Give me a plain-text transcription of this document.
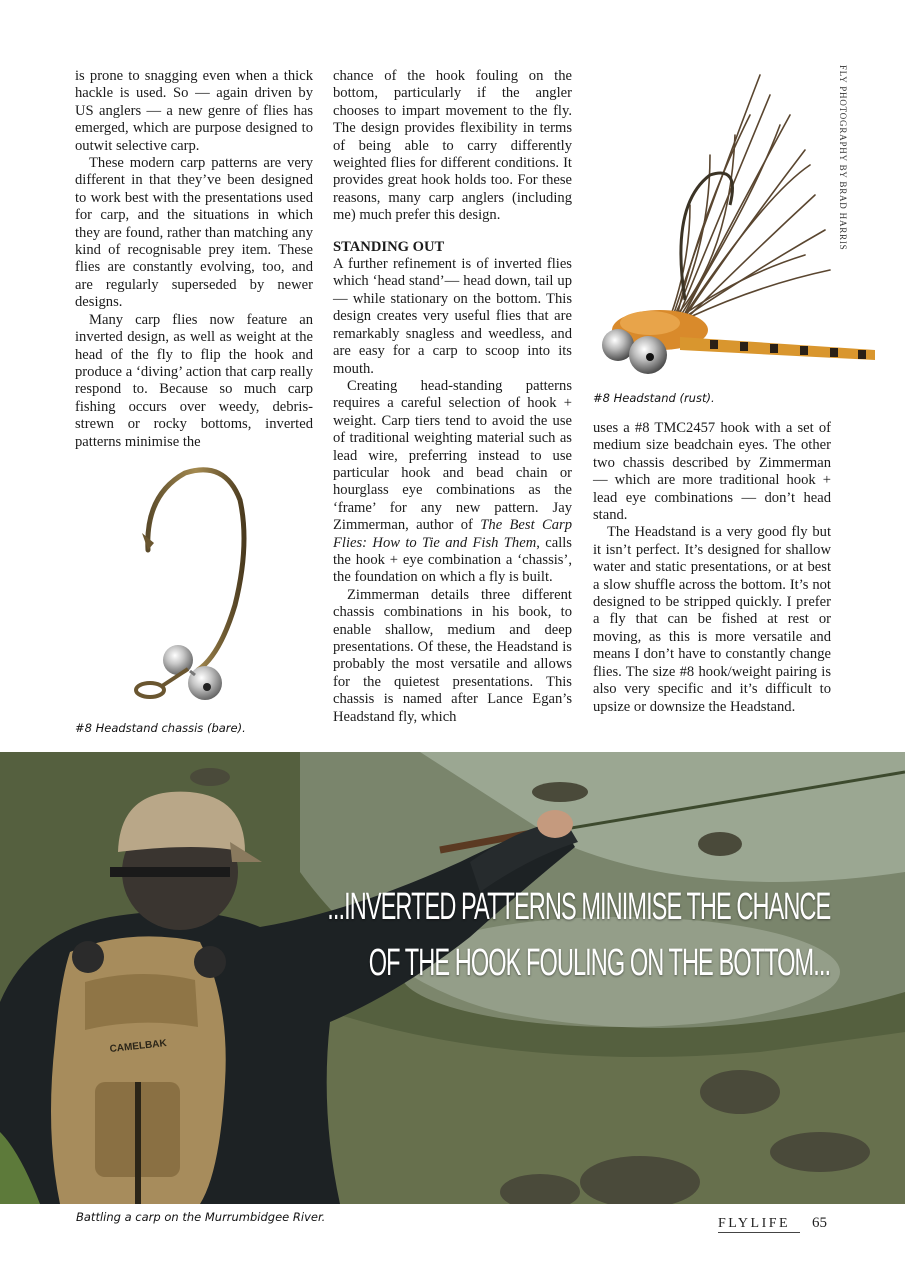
FLY PHOTOGRAPHY BY BRAD HARRIS

is prone to snagging even when a thick hackle is used. So — again driven by US anglers — a new genre of flies has emerged, which are purpose designed to outwit selective carp.

These modern carp patterns are very different in that they’ve been designed to work best with the presentations used for carp, and the situations in which they are found, rather than matching any kind of recognisable prey item. These flies are constantly evolving, too, and are regularly superseded by newer designs.

Many carp flies now feature an inverted design, as well as weight at the head of the fly to flip the hook and produce a ‘diving’ action that carp really respond to. Because so much carp fishing occurs over weedy, debris-strewn or rocky bottoms, inverted patterns minimise the

chance of the hook fouling on the bottom, particularly if the angler chooses to impart movement to the fly. The design provides flexibility in terms of being able to carry differently weighted flies for different conditions. It provides great hook holds too. For these reasons, many carp anglers (including me) much prefer this design.

STANDING OUT

A further refinement is of inverted flies which ‘head stand’— head down, tail up — while stationary on the bottom. This design creates very useful flies that are remarkably snagless and weedless, and are easy for a carp to scoop into its mouth.

Creating head-standing patterns requires a careful selection of hook + weight. Carp tiers tend to avoid the use of traditional weighting material such as lead wire, preferring instead to use particular hook and bead chain or hourglass eye combinations as the ‘frame’ for any new pattern. Jay Zimmerman, author of The Best Carp Flies: How to Tie and Fish Them, calls the hook + eye combination a ‘chassis’, the foundation on which a fly is built.

Zimmerman details three different chassis combinations in his book, to enable shallow, medium and deep presentations. Of these, the Headstand is probably the most versatile and allows for the quietest presentations. This chassis is named after Lance Egan’s Headstand fly, which

uses a #8 TMC2457 hook with a set of medium size beadchain eyes. The other two chassis described by Zimmerman — which are more traditional hook + lead eye combinations — don’t head stand.

The Headstand is a very good fly but it isn’t perfect. It’s designed for shallow water and static presentations, or at best a slow shuffle across the bottom. It’s not designed to be stripped quickly. I prefer a fly that can be fished at rest or moving, as this is more versatile and means I don’t have to constantly change flies. The size #8 hook/weight pairing is also very specific and it’s difficult to upsize or downsize the Headstand.

#8 Headstand chassis (bare).
#8 Headstand (rust).
CAMELBAK
...INVERTED PATTERNS MINIMISE THE CHANCE
OF THE HOOK FOULING ON THE BOTTOM...
Battling a carp on the Murrumbidgee River.	FLYLIFE 65
